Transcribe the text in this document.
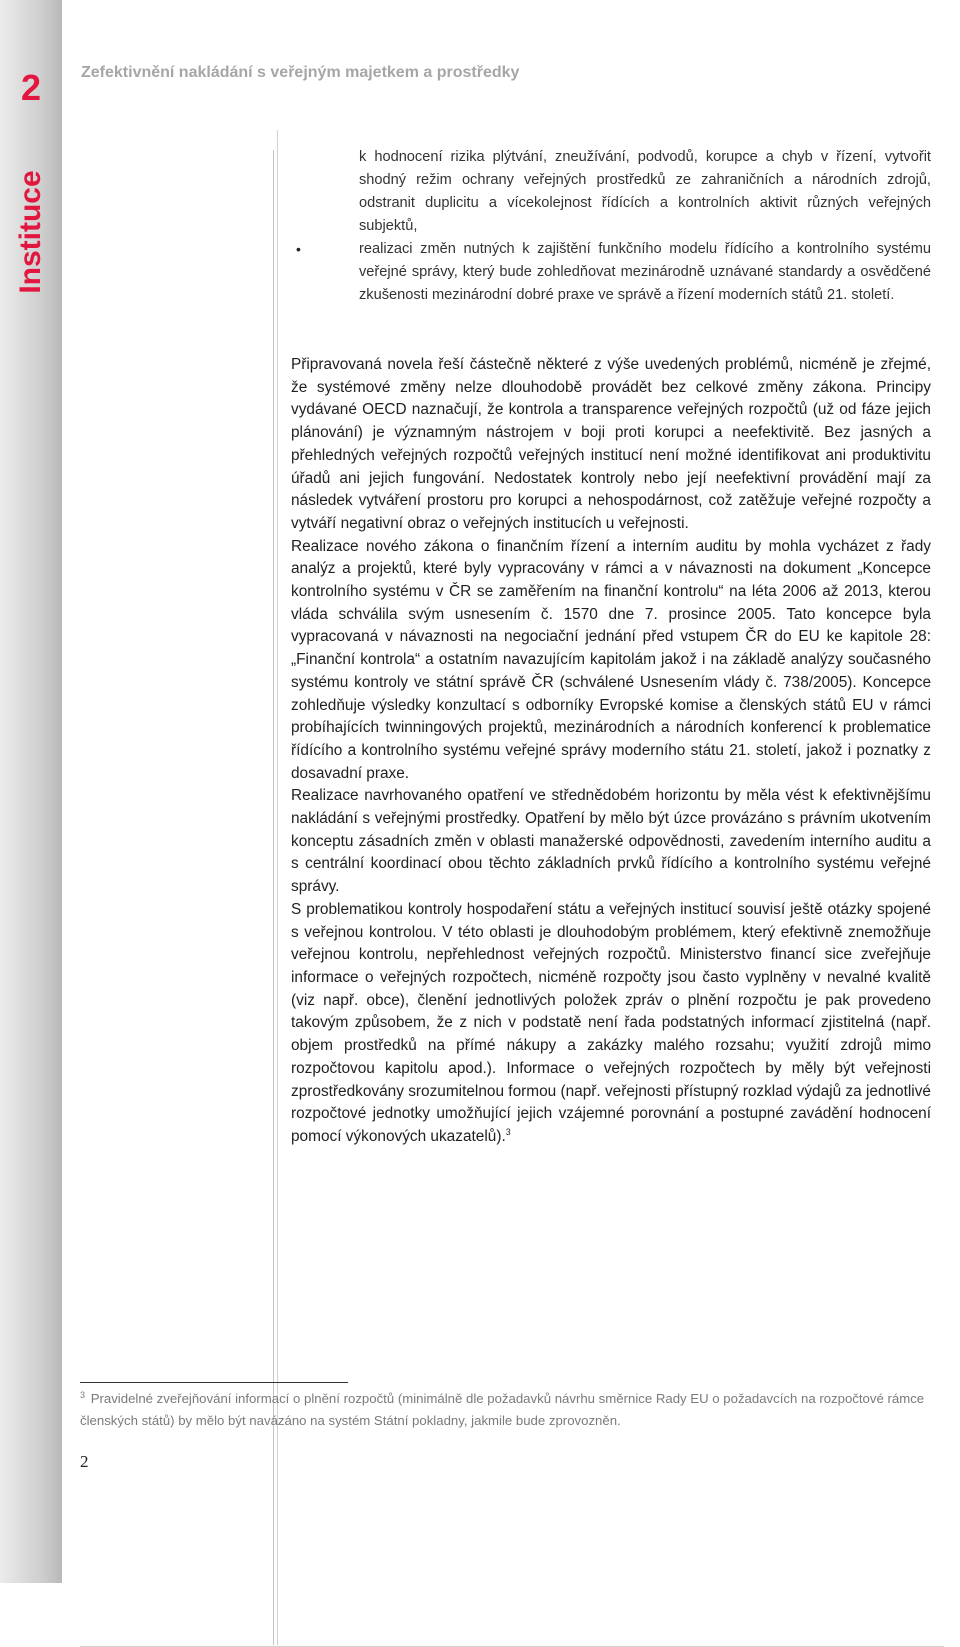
2
Instituce
Zefektivnění nakládání s veřejným majetkem a prostředky
k hodnocení rizika plýtvání, zneužívání, podvodů, korupce a chyb v řízení, vytvořit shodný režim ochrany veřejných prostředků ze zahraničních a národních zdrojů, odstranit duplicitu a vícekolejnost řídících a kontrolních aktivit různých veřejných subjektů,
•	realizaci změn nutných k zajištění funkčního modelu řídícího a kontrolního systému veřejné správy, který bude zohledňovat mezinárodně uznávané standardy a osvědčené zkušenosti mezinárodní dobré praxe ve správě a řízení moderních států 21. století.

Připravovaná novela řeší částečně některé z výše uvedených problémů, nicméně je zřejmé, že systémové změny nelze dlouhodobě provádět bez celkové změny zákona. Principy vydávané OECD naznačují, že kontrola a transparence veřejných rozpočtů (už od fáze jejich plánování) je významným nástrojem v boji proti korupci a neefektivitě. Bez jasných a přehledných veřejných rozpočtů veřejných institucí není možné identifikovat ani produktivitu úřadů ani jejich fungování. Nedostatek kontroly nebo její neefektivní provádění mají za následek vytváření prostoru pro korupci a nehospodárnost, což zatěžuje veřejné rozpočty a vytváří negativní obraz o veřejných institucích u veřejnosti.

Realizace nového zákona o finančním řízení a interním auditu by mohla vycházet z řady analýz a projektů, které byly vypracovány v rámci a v návaznosti na dokument „Koncepce kontrolního systému v ČR se zaměřením na finanční kontrolu“ na léta 2006 až 2013, kterou vláda schválila svým usnesením č. 1570 dne 7. prosince 2005. Tato koncepce byla vypracovaná v návaznosti na negociační jednání před vstupem ČR do EU ke kapitole 28: „Finanční kontrola“ a ostatním navazujícím kapitolám jakož i na základě analýzy současného systému kontroly ve státní správě ČR (schválené Usnesením vlády č. 738/2005). Koncepce zohledňuje výsledky konzultací s odborníky Evropské komise a členských států EU v rámci probíhajících twinningových projektů, mezinárodních a národních konferencí k problematice řídícího a kontrolního systému veřejné správy moderního státu 21. století, jakož i poznatky z dosavadní praxe.

Realizace navrhovaného opatření ve střednědobém horizontu by měla vést k efektivnějšímu nakládání s veřejnými prostředky. Opatření by mělo být úzce provázáno s právním ukotvením konceptu zásadních změn v oblasti manažerské odpovědnosti, zavedením interního auditu a s centrální koordinací obou těchto základních prvků řídícího a kontrolního systému veřejné správy.

S problematikou kontroly hospodaření státu a veřejných institucí souvisí ještě otázky spojené s veřejnou kontrolou. V této oblasti je dlouhodobým problémem, který efektivně znemožňuje veřejnou kontrolu, nepřehlednost veřejných rozpočtů. Ministerstvo financí sice zveřejňuje informace o veřejných rozpočtech, nicméně rozpočty jsou často vyplněny v nevalné kvalitě (viz např. obce), členění jednotlivých položek zpráv o plnění rozpočtu je pak provedeno takovým způsobem, že z nich v podstatě není řada podstatných informací zjistitelná (např. objem prostředků na přímé nákupy a zakázky malého rozsahu; využití zdrojů mimo rozpočtovou kapitolu apod.). Informace o veřejných rozpočtech by měly být veřejnosti zprostředkovány srozumitelnou formou (např. veřejnosti přístupný rozklad výdajů za jednotlivé rozpočtové jednotky umožňující jejich vzájemné porovnání a postupné zavádění hodnocení pomocí výkonových ukazatelů).$^3$

$^3$ Pravidelné zveřejňování informací o plnění rozpočtů (minimálně dle požadavků návrhu směrnice Rady EU o požadavcích na rozpočtové rámce členských států) by mělo být navázáno na systém Státní pokladny, jakmile bude zprovozněn.
2
